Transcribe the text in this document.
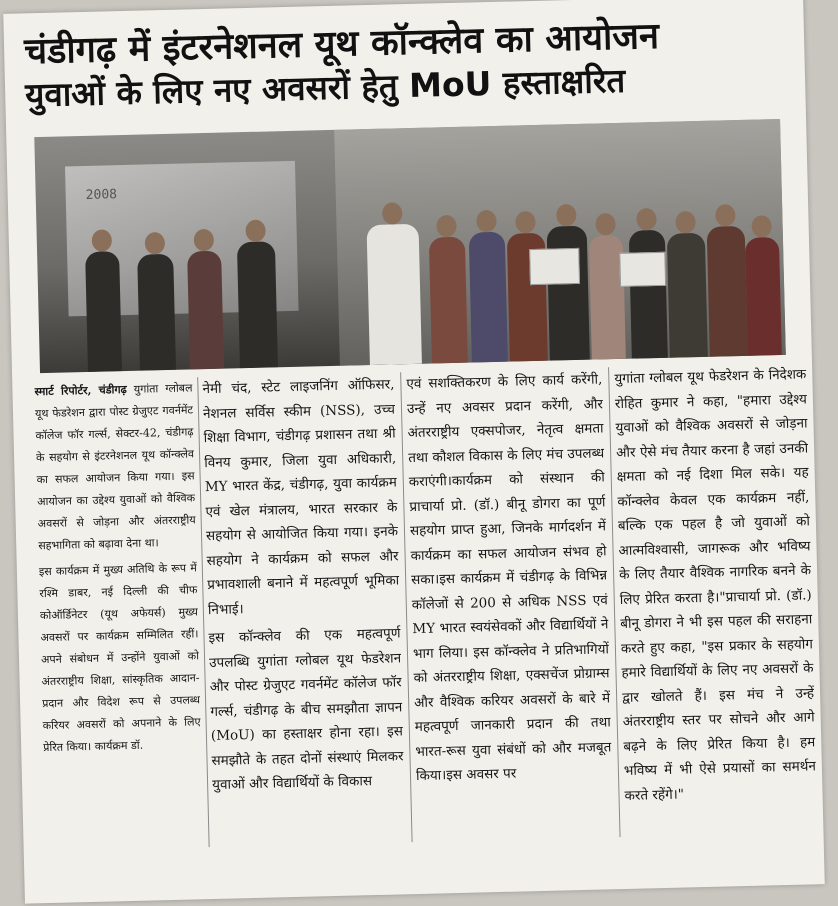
चंडीगढ़ में इंटरनेशनल यूथ कॉन्क्लेव का आयोजन
युवाओं के लिए नए अवसरों हेतु MoU हस्ताक्षरित
2008

स्मार्ट रिपोर्टर, चंडीगढ़ युगांता ग्लोबल यूथ फेडरेशन द्वारा पोस्ट ग्रेजुएट गवर्नमेंट कॉलेज फॉर गर्ल्स, सेक्टर-42, चंडीगढ़ के सहयोग से इंटरनेशनल यूथ कॉन्क्लेव का सफल आयोजन किया गया। इस आयोजन का उद्देश्य युवाओं को वैश्विक अवसरों से जोड़ना और अंतरराष्ट्रीय सहभागिता को बढ़ावा देना था।

इस कार्यक्रम में मुख्य अतिथि के रूप में रश्मि डाबर, नई दिल्ली की चीफ कोऑर्डिनेटर (यूथ अफेयर्स) मुख्य अवसरों पर कार्यक्रम सम्मिलित रहीं। अपने संबोधन में उन्होंने युवाओं को अंतरराष्ट्रीय शिक्षा, सांस्कृतिक आदान-प्रदान और विदेश रूप से उपलब्ध करियर अवसरों को अपनाने के लिए प्रेरित किया। कार्यक्रम डॉ.

नेमी चंद, स्टेट लाइजनिंग ऑफिसर, नेशनल सर्विस स्कीम (NSS), उच्च शिक्षा विभाग, चंडीगढ़ प्रशासन तथा श्री विनय कुमार, जिला युवा अधिकारी, MY भारत केंद्र, चंडीगढ़, युवा कार्यक्रम एवं खेल मंत्रालय, भारत सरकार के सहयोग से आयोजित किया गया। इनके सहयोग ने कार्यक्रम को सफल और प्रभावशाली बनाने में महत्वपूर्ण भूमिका निभाई।

इस कॉन्क्लेव की एक महत्वपूर्ण उपलब्धि युगांता ग्लोबल यूथ फेडरेशन और पोस्ट ग्रेजुएट गवर्नमेंट कॉलेज फॉर गर्ल्स, चंडीगढ़ के बीच समझौता ज्ञापन (MoU) का हस्ताक्षर होना रहा। इस समझौते के तहत दोनों संस्थाएं मिलकर युवाओं और विद्यार्थियों के विकास

एवं सशक्तिकरण के लिए कार्य करेंगी, उन्हें नए अवसर प्रदान करेंगी, और अंतरराष्ट्रीय एक्सपोजर, नेतृत्व क्षमता तथा कौशल विकास के लिए मंच उपलब्ध कराएंगी।कार्यक्रम को संस्थान की प्राचार्या प्रो. (डॉ.) बीनू डोगरा का पूर्ण सहयोग प्राप्त हुआ, जिनके मार्गदर्शन में कार्यक्रम का सफल आयोजन संभव हो सका।इस कार्यक्रम में चंडीगढ़ के विभिन्न कॉलेजों से 200 से अधिक NSS एवं MY भारत स्वयंसेवकों और विद्यार्थियों ने भाग लिया। इस कॉन्क्लेव ने प्रतिभागियों को अंतरराष्ट्रीय शिक्षा, एक्सचेंज प्रोग्राम्स और वैश्विक करियर अवसरों के बारे में महत्वपूर्ण जानकारी प्रदान की तथा भारत-रूस युवा संबंधों को और मजबूत किया।इस अवसर पर

युगांता ग्लोबल यूथ फेडरेशन के निदेशक रोहित कुमार ने कहा, "हमारा उद्देश्य युवाओं को वैश्विक अवसरों से जोड़ना और ऐसे मंच तैयार करना है जहां उनकी क्षमता को नई दिशा मिल सके। यह कॉन्क्लेव केवल एक कार्यक्रम नहीं, बल्कि एक पहल है जो युवाओं को आत्मविश्वासी, जागरूक और भविष्य के लिए तैयार वैश्विक नागरिक बनने के लिए प्रेरित करता है।"प्राचार्या प्रो. (डॉ.) बीनू डोगरा ने भी इस पहल की सराहना करते हुए कहा, "इस प्रकार के सहयोग हमारे विद्यार्थियों के लिए नए अवसरों के द्वार खोलते हैं। इस मंच ने उन्हें अंतरराष्ट्रीय स्तर पर सोचने और आगे बढ़ने के लिए प्रेरित किया है। हम भविष्य में भी ऐसे प्रयासों का समर्थन करते रहेंगे।"
